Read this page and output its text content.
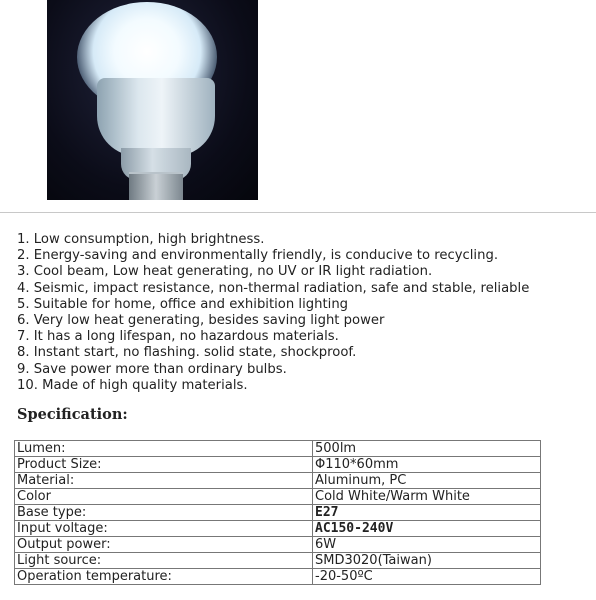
1. Low consumption, high brightness.
2. Energy-saving and environmentally friendly, is conducive to recycling.
3. Cool beam, Low heat generating, no UV or IR light radiation.
4. Seismic, impact resistance, non-thermal radiation, safe and stable, reliable
5. Suitable for home, office and exhibition lighting
6. Very low heat generating, besides saving light power
7. It has a long lifespan, no hazardous materials.
8. Instant start, no flashing. solid state, shockproof.
9. Save power more than ordinary bulbs.
10. Made of high quality materials.
Specification:
Lumen:	500lm
Product Size:	Φ110*60mm
Material:	Aluminum, PC
Color	Cold White/Warm White
Base type:	E27
Input voltage:	AC150-240V
Output power:	6W
Light source:	SMD3020(Taiwan)
Operation temperature:	-20-50ºC
